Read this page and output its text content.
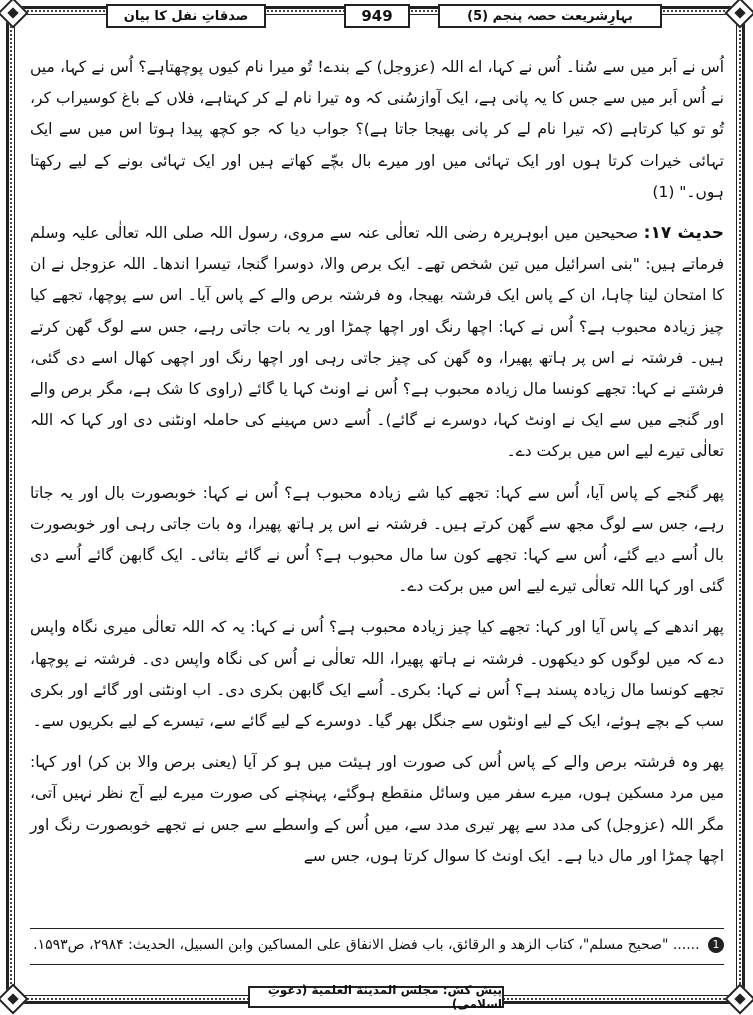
بہارِشریعت حصہ پنجم (5)
949
صدقاتِ نفل کا بیان

اُس نے اَبر میں سے سُنا۔ اُس نے کہا، اے اللہ (عزوجل) کے بندے! تُو میرا نام کیوں پوچھتاہے؟ اُس نے کہا، میں نے اُس اَبر میں سے جس کا یہ پانی ہے، ایک آوازسُنی کہ وہ تیرا نام لے کر کہتاہے، فلاں کے باغ کوسیراب کر، تُو تو کیا کرتاہے (کہ تیرا نام لے کر پانی بھیجا جاتا ہے)؟ جواب دیا کہ جو کچھ پیدا ہوتا اس میں سے ایک تہائی خیرات کرتا ہوں اور ایک تہائی میں اور میرے بال بچّے کھاتے ہیں اور ایک تہائی بونے کے لیے رکھتا ہوں۔" (1)

حدیث ۱۷: صحیحین میں ابوہریرہ رضی اللہ تعالٰی عنہ سے مروی، رسول اللہ صلی اللہ تعالٰی علیہ وسلم فرماتے ہیں: "بنی اسرائیل میں تین شخص تھے۔ ایک برص والا، دوسرا گنجا، تیسرا اندھا۔ اللہ عزوجل نے ان کا امتحان لینا چاہا، ان کے پاس ایک فرشتہ بھیجا، وہ فرشتہ برص والے کے پاس آیا۔ اس سے پوچھا، تجھے کیا چیز زیادہ محبوب ہے؟ اُس نے کہا: اچھا رنگ اور اچھا چمڑا اور یہ بات جاتی رہے، جس سے لوگ گھن کرتے ہیں۔ فرشتہ نے اس پر ہاتھ پھیرا، وہ گھن کی چیز جاتی رہی اور اچھا رنگ اور اچھی کھال اسے دی گئی، فرشتے نے کہا: تجھے کونسا مال زیادہ محبوب ہے؟ اُس نے اونٹ کہا یا گائے (راوی کا شک ہے، مگر برص والے اور گنجے میں سے ایک نے اونٹ کہا، دوسرے نے گائے)۔ اُسے دس مہینے کی حاملہ اونٹنی دی اور کہا کہ اللہ تعالٰی تیرے لیے اس میں برکت دے۔

پھر گنجے کے پاس آیا، اُس سے کہا: تجھے کیا شے زیادہ محبوب ہے؟ اُس نے کہا: خوبصورت بال اور یہ جاتا رہے، جس سے لوگ مجھ سے گھن کرتے ہیں۔ فرشتہ نے اس پر ہاتھ پھیرا، وہ بات جاتی رہی اور خوبصورت بال اُسے دیے گئے، اُس سے کہا: تجھے کون سا مال محبوب ہے؟ اُس نے گائے بتائی۔ ایک گابھن گائے اُسے دی گئی اور کہا اللہ تعالٰی تیرے لیے اس میں برکت دے۔

پھر اندھے کے پاس آیا اور کہا: تجھے کیا چیز زیادہ محبوب ہے؟ اُس نے کہا: یہ کہ اللہ تعالٰی میری نگاہ واپس دے کہ میں لوگوں کو دیکھوں۔ فرشتہ نے ہاتھ پھیرا، اللہ تعالٰی نے اُس کی نگاہ واپس دی۔ فرشتہ نے پوچھا، تجھے کونسا مال زیادہ پسند ہے؟ اُس نے کہا: بکری۔ اُسے ایک گابھن بکری دی۔ اب اونٹنی اور گائے اور بکری سب کے بچے ہوئے، ایک کے لیے اونٹوں سے جنگل بھر گیا۔ دوسرے کے لیے گائے سے، تیسرے کے لیے بکریوں سے۔

پھر وہ فرشتہ برص والے کے پاس اُس کی صورت اور ہیئت میں ہو کر آیا (یعنی برص والا بن کر) اور کہا: میں مرد مسکین ہوں، میرے سفر میں وسائل منقطع ہوگئے، پہنچنے کی صورت میرے لیے آج نظر نہیں آتی، مگر اللہ (عزوجل) کی مدد سے پھر تیری مدد سے، میں اُس کے واسطے سے جس نے تجھے خوبصورت رنگ اور اچھا چمڑا اور مال دیا ہے۔ ایک اونٹ کا سوال کرتا ہوں، جس سے

1 ...... "صحیح مسلم"، کتاب الزهد و الرقائق، باب فضل الانفاق علی المساکین وابن السبیل، الحدیث: ۲۹۸۴، ص۱۵۹۳.
پیش کش: مجلس المدینة العلمیة (دعوتِ اسلامی)
